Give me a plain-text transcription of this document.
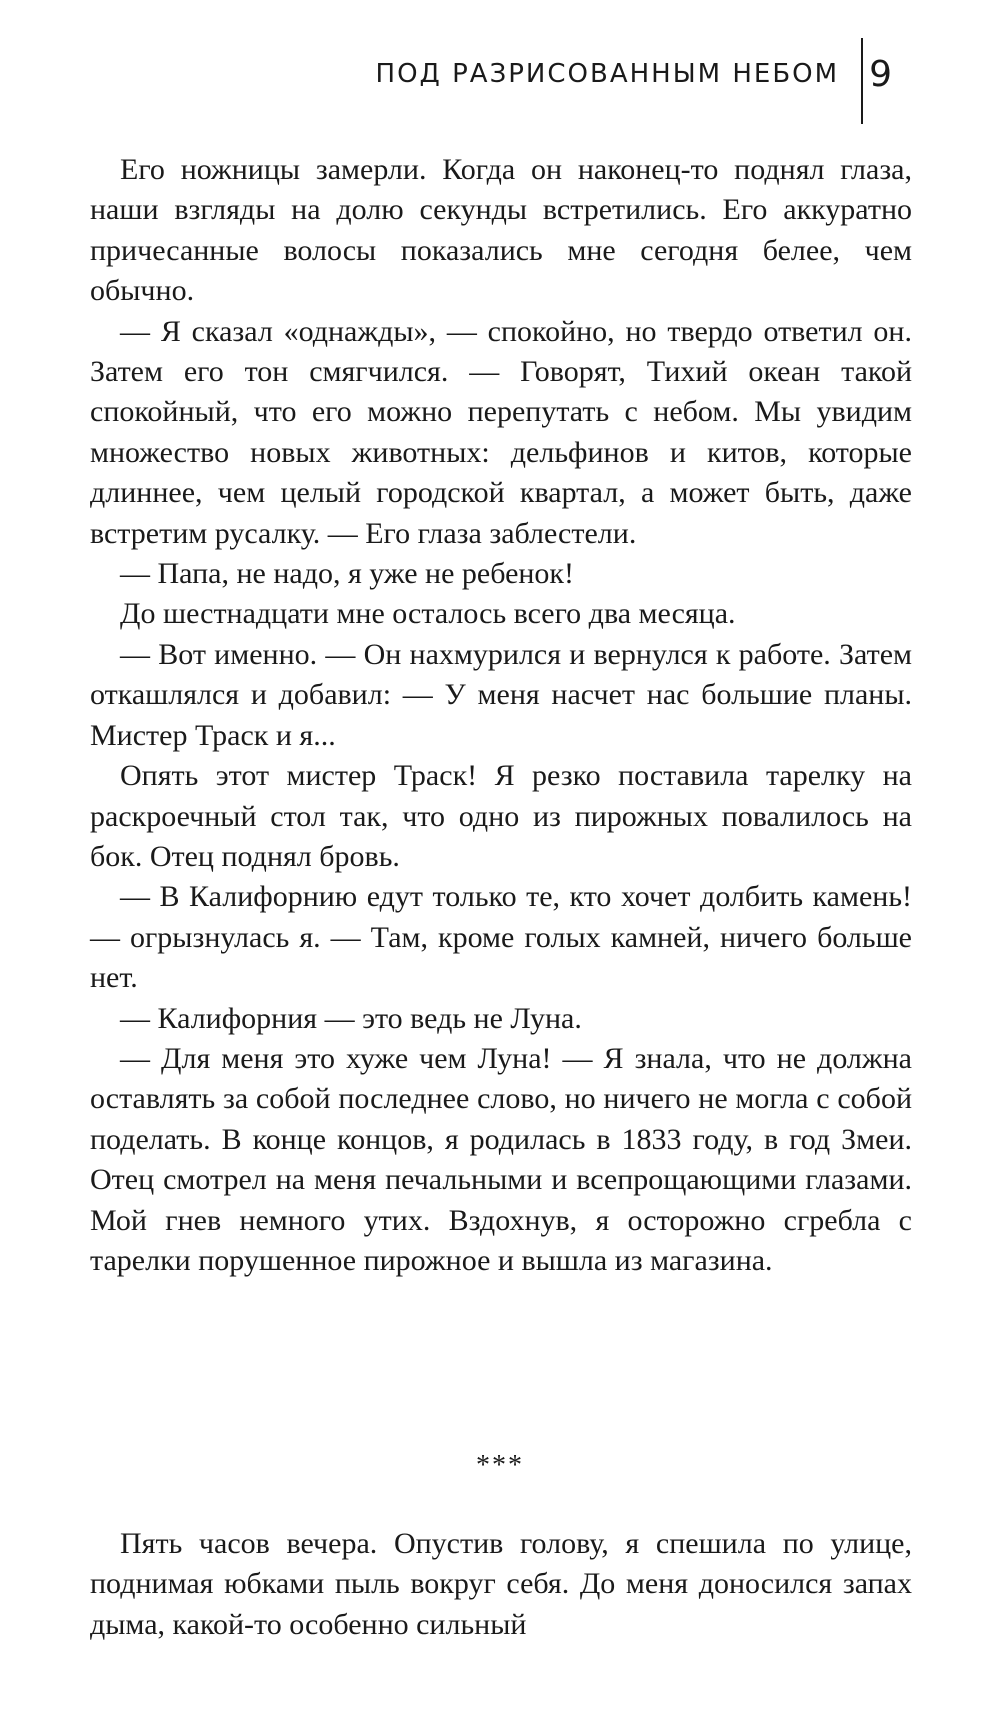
ПОД РАЗРИСОВАННЫМ НЕБОМ 9

Его ножницы замерли. Когда он наконец-то поднял глаза, наши взгляды на долю секунды встретились. Его аккуратно причесанные волосы показались мне сегодня белее, чем обычно.

— Я сказал «однажды», — спокойно, но твердо ответил он. Затем его тон смягчился. — Говорят, Тихий океан такой спокойный, что его можно перепутать с небом. Мы увидим множество новых животных: дельфинов и китов, которые длиннее, чем целый городской квартал, а может быть, даже встретим русалку. — Его глаза заблестели.

— Папа, не надо, я уже не ребенок!

До шестнадцати мне осталось всего два месяца.

— Вот именно. — Он нахмурился и вернулся к работе. Затем откашлялся и добавил: — У меня насчет нас большие планы. Мистер Траск и я...

Опять этот мистер Траск! Я резко поставила тарелку на раскроечный стол так, что одно из пирожных повалилось на бок. Отец поднял бровь.

— В Калифорнию едут только те, кто хочет долбить камень! — огрызнулась я. — Там, кроме голых камней, ничего больше нет.

— Калифорния — это ведь не Луна.

— Для меня это хуже чем Луна! — Я знала, что не должна оставлять за собой последнее слово, но ничего не могла с собой поделать. В конце концов, я родилась в 1833 году, в год Змеи. Отец смотрел на меня печальными и всепрощающими глазами. Мой гнев немного утих. Вздохнув, я осторожно сгребла с тарелки порушенное пирожное и вышла из магазина.

***

Пять часов вечера. Опустив голову, я спешила по улице, поднимая юбками пыль вокруг себя. До меня доносился запах дыма, какой-то особенно сильный
